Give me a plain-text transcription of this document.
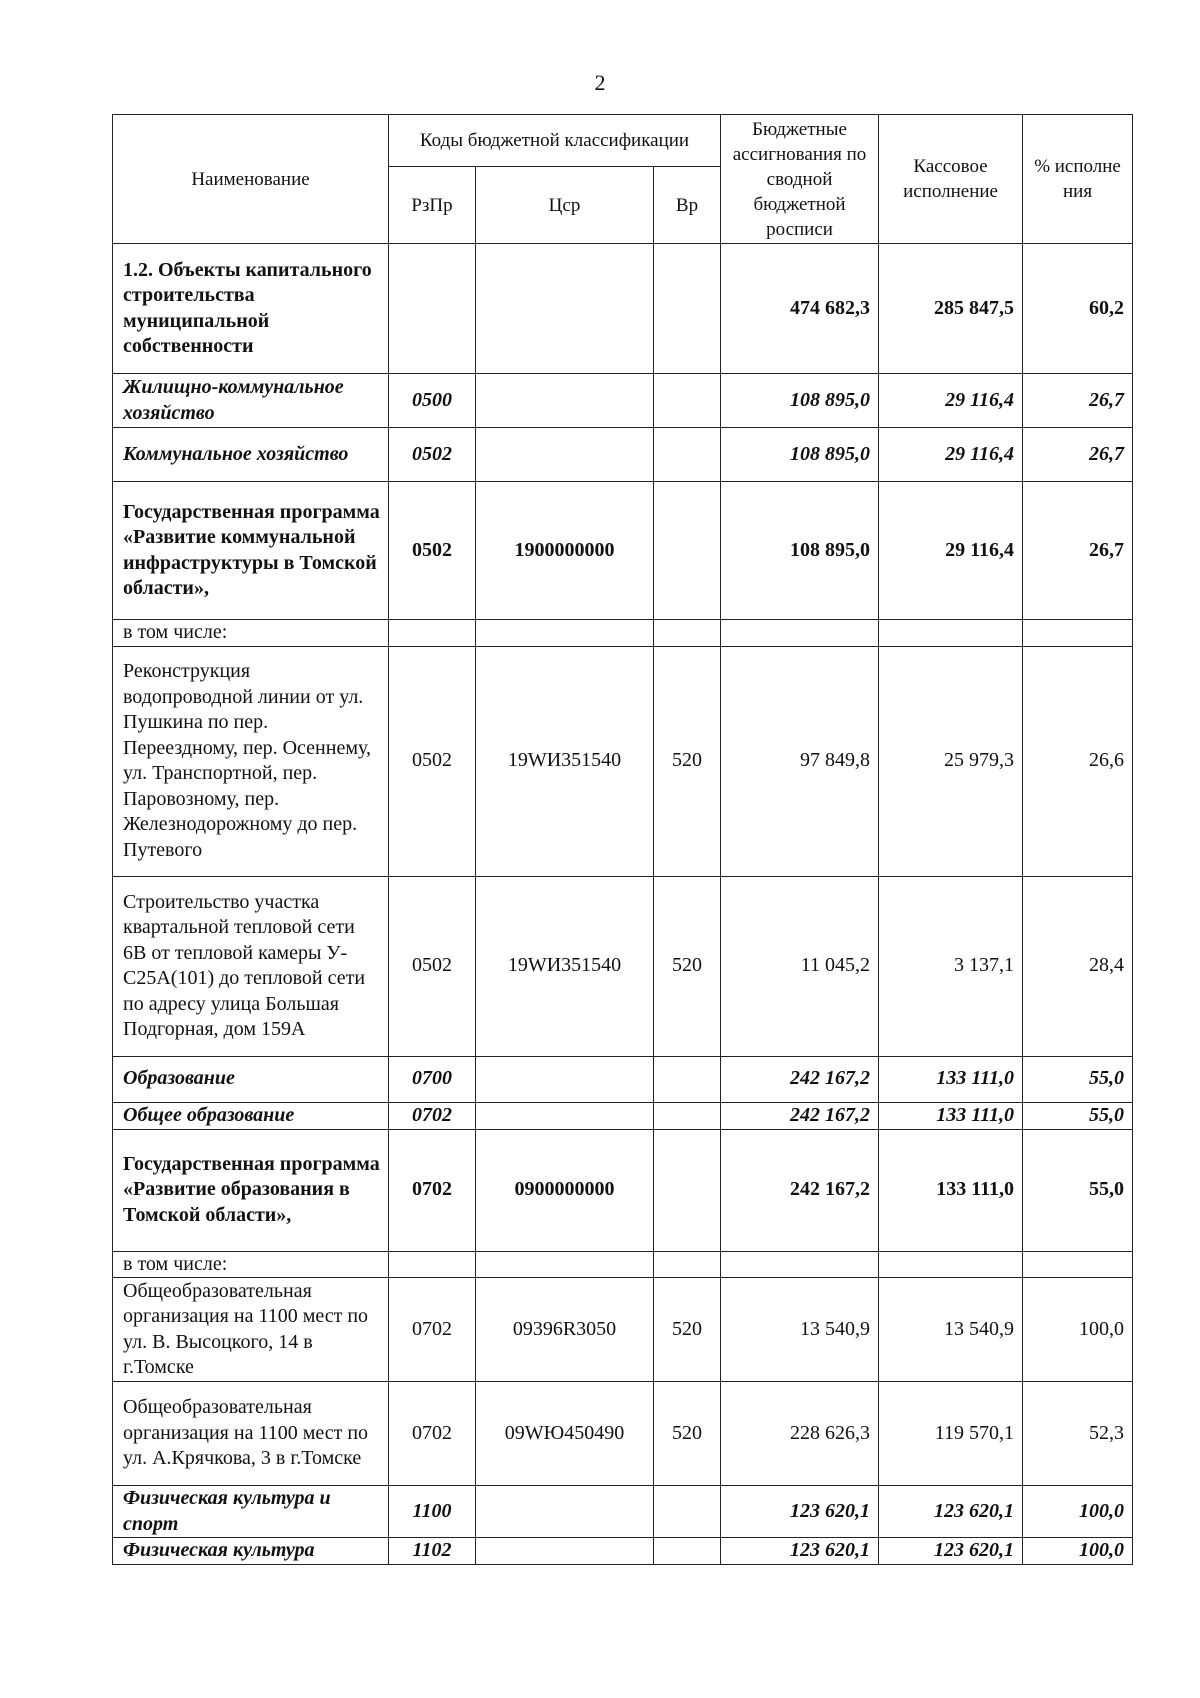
2
Наименование	Коды бюджетной классификации			Бюджетные ассигнования по сводной бюджетной росписи	Кассовое исполнение	% исполне ния
	РзПр	Цср	Вр			
1.2. Объекты капитального строительства муниципальной собственности				474 682,3	285 847,5	60,2
Жилищно-коммунальное хозяйство	0500			108 895,0	29 116,4	26,7
Коммунальное хозяйство	0502			108 895,0	29 116,4	26,7
Государственная программа «Развитие коммунальной инфраструктуры в Томской области»,	0502	1900000000		108 895,0	29 116,4	26,7
в том числе:						
Реконструкция водопроводной линии от ул. Пушкина по пер. Переездному, пер. Осеннему, ул. Транспортной, пер. Паровозному, пер. Железнодорожному до пер. Путевого	0502	19WИ351540	520	97 849,8	25 979,3	26,6
Строительство участка квартальной тепловой сети 6В от тепловой камеры У-С25А(101) до тепловой сети по адресу улица Большая Подгорная, дом 159А	0502	19WИ351540	520	11 045,2	3 137,1	28,4
Образование	0700			242 167,2	133 111,0	55,0
Общее образование	0702			242 167,2	133 111,0	55,0
Государственная программа «Развитие образования в Томской области»,	0702	0900000000		242 167,2	133 111,0	55,0
в том числе:						
Общеобразовательная организация на 1100 мест по ул. В. Высоцкого, 14 в г.Томске	0702	09396R3050	520	13 540,9	13 540,9	100,0
Общеобразовательная организация на 1100 мест по ул. А.Крячкова, 3 в г.Томске	0702	09WЮ450490	520	228 626,3	119 570,1	52,3
Физическая культура и спорт	1100			123 620,1	123 620,1	100,0
Физическая культура	1102			123 620,1	123 620,1	100,0
